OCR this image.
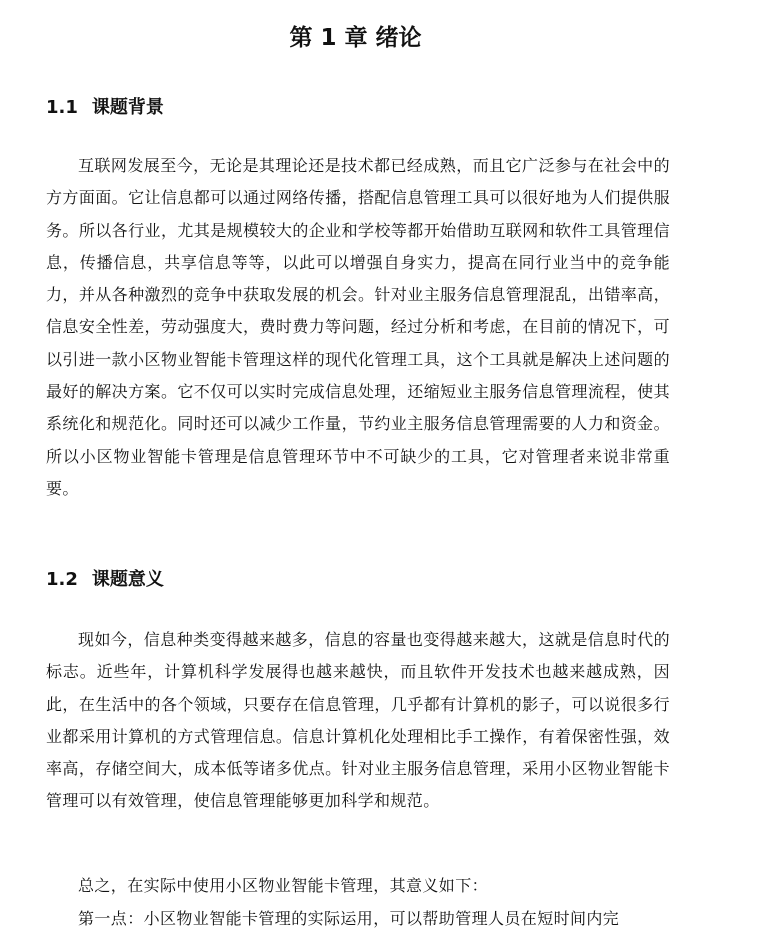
第 1 章 绪论
1.1 课题背景

互联网发展至今，无论是其理论还是技术都已经成熟，而且它广泛参与在社会中的方方面面。它让信息都可以通过网络传播，搭配信息管理工具可以很好地为人们提供服务。所以各行业，尤其是规模较大的企业和学校等都开始借助互联网和软件工具管理信息，传播信息，共享信息等等，以此可以增强自身实力，提高在同行业当中的竞争能力，并从各种激烈的竞争中获取发展的机会。针对业主服务信息管理混乱，出错率高，信息安全性差，劳动强度大，费时费力等问题，经过分析和考虑，在目前的情况下，可以引进一款小区物业智能卡管理这样的现代化管理工具，这个工具就是解决上述问题的最好的解决方案。它不仅可以实时完成信息处理，还缩短业主服务信息管理流程，使其系统化和规范化。同时还可以减少工作量，节约业主服务信息管理需要的人力和资金。所以小区物业智能卡管理是信息管理环节中不可缺少的工具，它对管理者来说非常重要。

1.2 课题意义

现如今，信息种类变得越来越多，信息的容量也变得越来越大，这就是信息时代的标志。近些年，计算机科学发展得也越来越快，而且软件开发技术也越来越成熟，因此，在生活中的各个领域，只要存在信息管理，几乎都有计算机的影子，可以说很多行业都采用计算机的方式管理信息。信息计算机化处理相比手工操作，有着保密性强，效率高，存储空间大，成本低等诸多优点。针对业主服务信息管理，采用小区物业智能卡管理可以有效管理，使信息管理能够更加科学和规范。

总之，在实际中使用小区物业智能卡管理，其意义如下：

第一点：小区物业智能卡管理的实际运用，可以帮助管理人员在短时间内完
